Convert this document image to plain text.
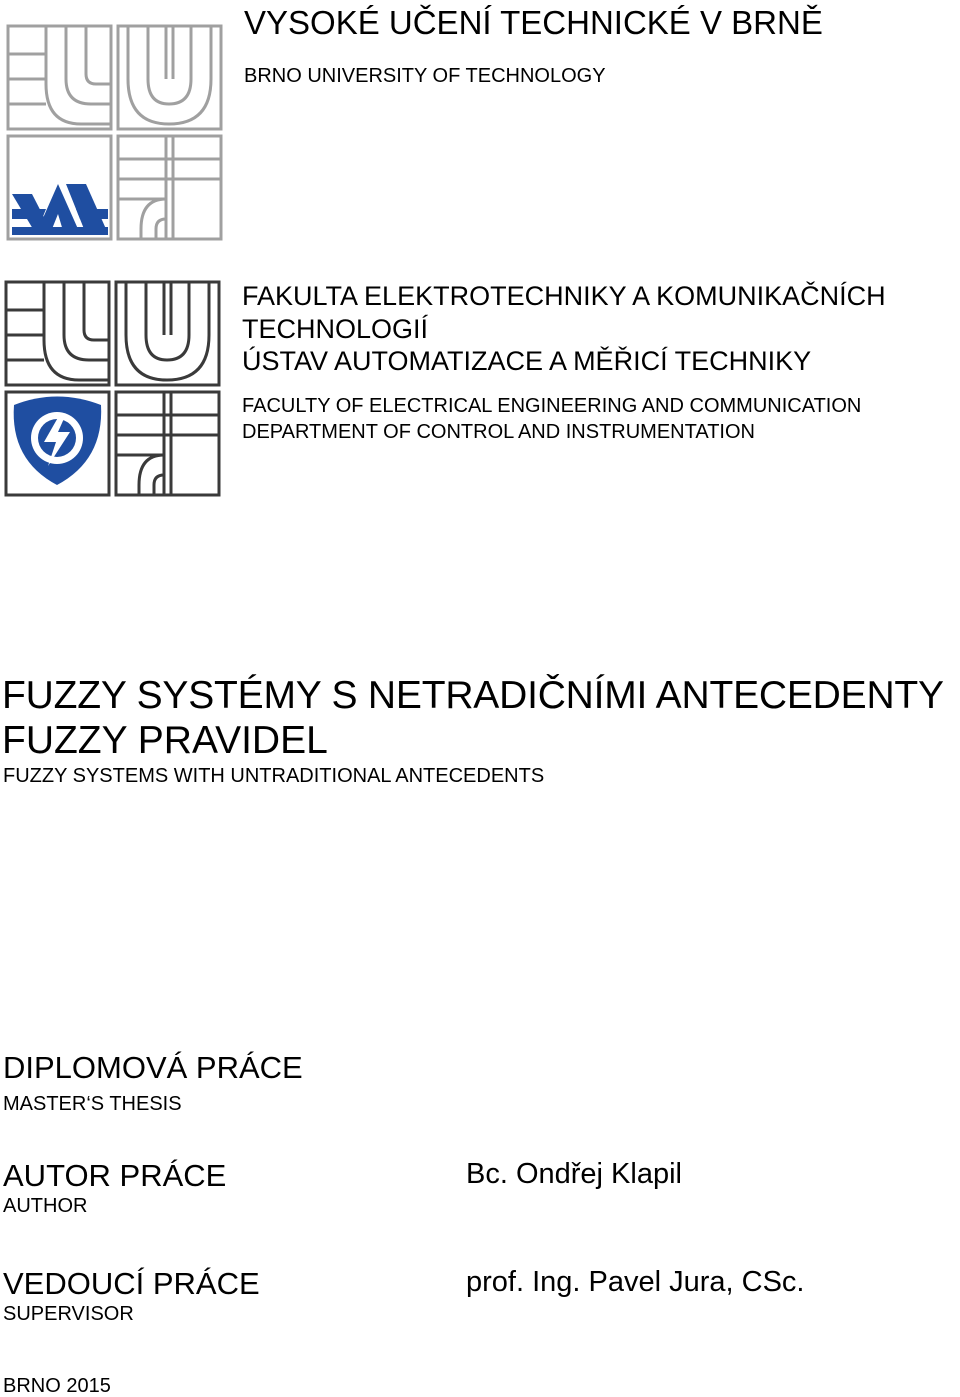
VYSOKÉ UČENÍ TECHNICKÉ V BRNĚ
BRNO UNIVERSITY OF TECHNOLOGY
FAKULTA ELEKTROTECHNIKY A KOMUNIKAČNÍCH
TECHNOLOGIÍ
ÚSTAV AUTOMATIZACE A MĚŘICÍ TECHNIKY
FACULTY OF ELECTRICAL ENGINEERING AND COMMUNICATION
DEPARTMENT OF CONTROL AND INSTRUMENTATION
FUZZY SYSTÉMY S NETRADIČNÍMI ANTECEDENTY
FUZZY PRAVIDEL
FUZZY SYSTEMS WITH UNTRADITIONAL ANTECEDENTS
DIPLOMOVÁ PRÁCE
MASTER‘S THESIS
AUTOR PRÁCE
AUTHOR
Bc. Ondřej Klapil
VEDOUCÍ PRÁCE
SUPERVISOR
prof. Ing. Pavel Jura, CSc.
BRNO 2015
